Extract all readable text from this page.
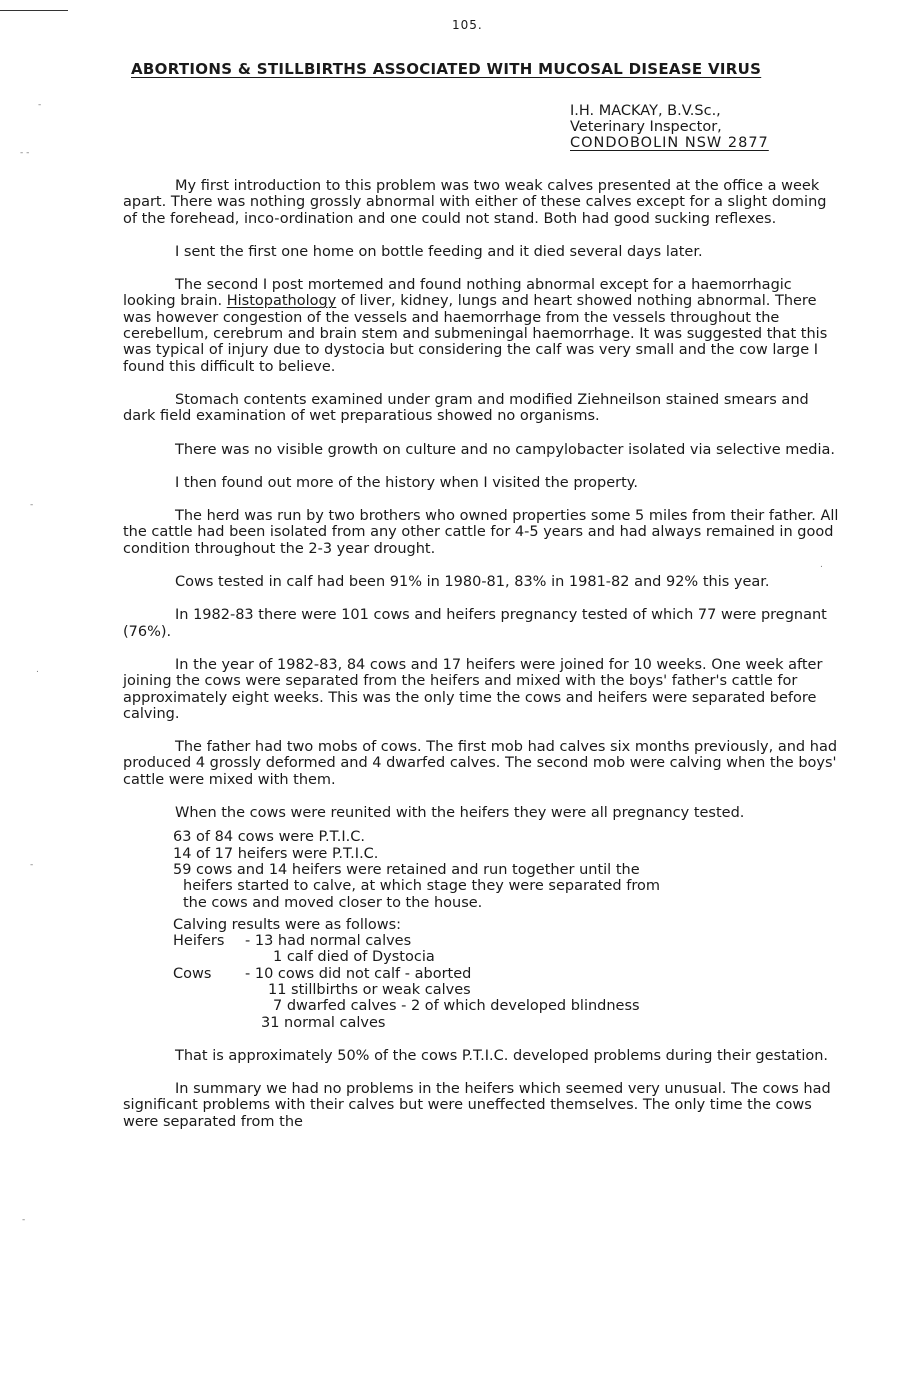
105.
ABORTIONS & STILLBIRTHS ASSOCIATED WITH MUCOSAL DISEASE VIRUS
I.H. MACKAY, B.V.Sc.,
Veterinary Inspector,
CONDOBOLIN NSW 2877

My first introduction to this problem was two weak calves presented at the office a week apart. There was nothing grossly abnormal with either of these calves except for a slight doming of the forehead, inco-ordination and one could not stand. Both had good sucking reflexes.

I sent the first one home on bottle feeding and it died several days later.

The second I post mortemed and found nothing abnormal except for a haemorrhagic looking brain. Histopathology of liver, kidney, lungs and heart showed nothing abnormal. There was however congestion of the vessels and haemorrhage from the vessels throughout the cerebellum, cerebrum and brain stem and submeningal haemorrhage. It was suggested that this was typical of injury due to dystocia but considering the calf was very small and the cow large I found this difficult to believe.

Stomach contents examined under gram and modified Ziehneilson stained smears and dark field examination of wet preparatious showed no organisms.

There was no visible growth on culture and no campylobacter isolated via selective media.

I then found out more of the history when I visited the property.

The herd was run by two brothers who owned properties some 5 miles from their father. All the cattle had been isolated from any other cattle for 4-5 years and had always remained in good condition throughout the 2-3 year drought.

Cows tested in calf had been 91% in 1980-81, 83% in 1981-82 and 92% this year.

In 1982-83 there were 101 cows and heifers pregnancy tested of which 77 were pregnant (76%).

In the year of 1982-83, 84 cows and 17 heifers were joined for 10 weeks. One week after joining the cows were separated from the heifers and mixed with the boys' father's cattle for approximately eight weeks. This was the only time the cows and heifers were separated before calving.

The father had two mobs of cows. The first mob had calves six months previously, and had produced 4 grossly deformed and 4 dwarfed calves. The second mob were calving when the boys' cattle were mixed with them.

When the cows were reunited with the heifers they were all pregnancy tested.

63 of 84 cows were P.T.I.C.
14 of 17 heifers were P.T.I.C.
59 cows and 14 heifers were retained and run together until the
heifers started to calve, at which stage they were separated from
the cows and moved closer to the house.
Calving results were as follows:
Heifers	- 13 had normal calves
1 calf died of Dystocia
Cows	- 10 cows did not calf - aborted
11 stillbirths or weak calves
7 dwarfed calves - 2 of which developed blindness
31 normal calves

That is approximately 50% of the cows P.T.I.C. developed problems during their gestation.

In summary we had no problems in the heifers which seemed very unusual. The cows had significant problems with their calves but were uneffected themselves. The only time the cows were separated from the

-
- -
-
.
-
-
.
